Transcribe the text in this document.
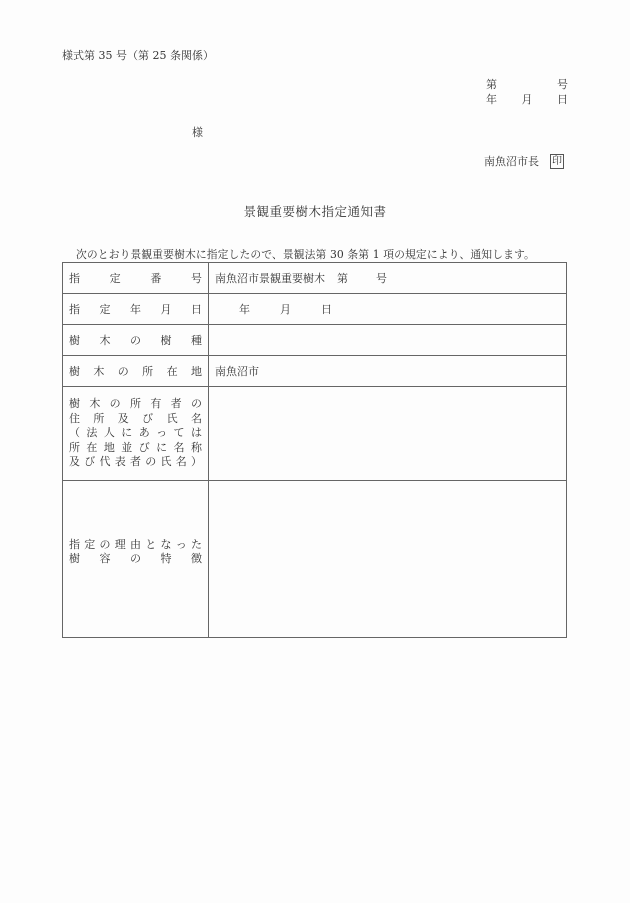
様式第 35 号（第 25 条関係）
第	号
年 月 日
様
南魚沼市長 印
景観重要樹木指定通知書
次のとおり景観重要樹木に指定したので、景観法第 30 条第 1 項の規定により、通知します。
指 定 番 号	南魚沼市景観重要樹木 第 号

指 定 年 月 日	年 月 日

樹 木 の 樹 種	

樹 木 の 所 在 地	南魚沼市

樹 木 の 所 有 者 の
住 所 及 び 氏 名
（ 法 人 に あ っ て は
所 在 地 並 び に 名 称
及 び 代 表 者 の 氏 名 ）

指 定 の 理 由 と な っ た
樹 容 の 特 徴
